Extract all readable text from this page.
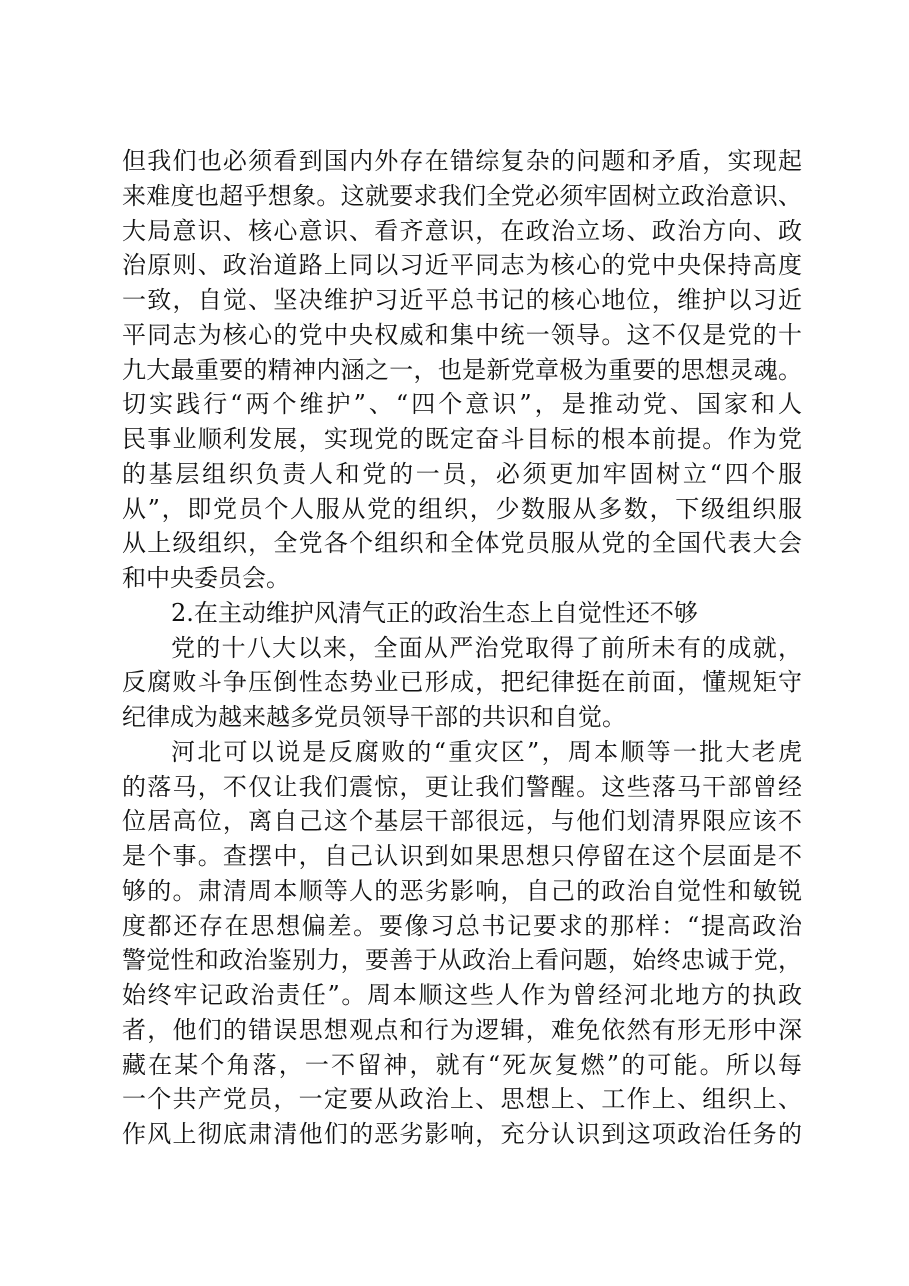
但我们也必须看到国内外存在错综复杂的问题和矛盾，实现起
来难度也超乎想象。这就要求我们全党必须牢固树立政治意识、
大局意识、核心意识、看齐意识，在政治立场、政治方向、政
治原则、政治道路上同以习近平同志为核心的党中央保持高度
一致，自觉、坚决维护习近平总书记的核心地位，维护以习近
平同志为核心的党中央权威和集中统一领导。这不仅是党的十
九大最重要的精神内涵之一，也是新党章极为重要的思想灵魂。
切实践行“两个维护”、“四个意识”，是推动党、国家和人
民事业顺利发展，实现党的既定奋斗目标的根本前提。作为党
的基层组织负责人和党的一员，必须更加牢固树立“四个服
从”，即党员个人服从党的组织，少数服从多数，下级组织服
从上级组织，全党各个组织和全体党员服从党的全国代表大会
和中央委员会。
2.在主动维护风清气正的政治生态上自觉性还不够
党的十八大以来，全面从严治党取得了前所未有的成就，
反腐败斗争压倒性态势业已形成，把纪律挺在前面，懂规矩守
纪律成为越来越多党员领导干部的共识和自觉。
河北可以说是反腐败的“重灾区”，周本顺等一批大老虎
的落马，不仅让我们震惊，更让我们警醒。这些落马干部曾经
位居高位，离自己这个基层干部很远，与他们划清界限应该不
是个事。查摆中，自己认识到如果思想只停留在这个层面是不
够的。肃清周本顺等人的恶劣影响，自己的政治自觉性和敏锐
度都还存在思想偏差。要像习总书记要求的那样：“提高政治
警觉性和政治鉴别力，要善于从政治上看问题，始终忠诚于党，
始终牢记政治责任”。周本顺这些人作为曾经河北地方的执政
者，他们的错误思想观点和行为逻辑，难免依然有形无形中深
藏在某个角落，一不留神，就有“死灰复燃”的可能。所以每
一个共产党员，一定要从政治上、思想上、工作上、组织上、
作风上彻底肃清他们的恶劣影响，充分认识到这项政治任务的
